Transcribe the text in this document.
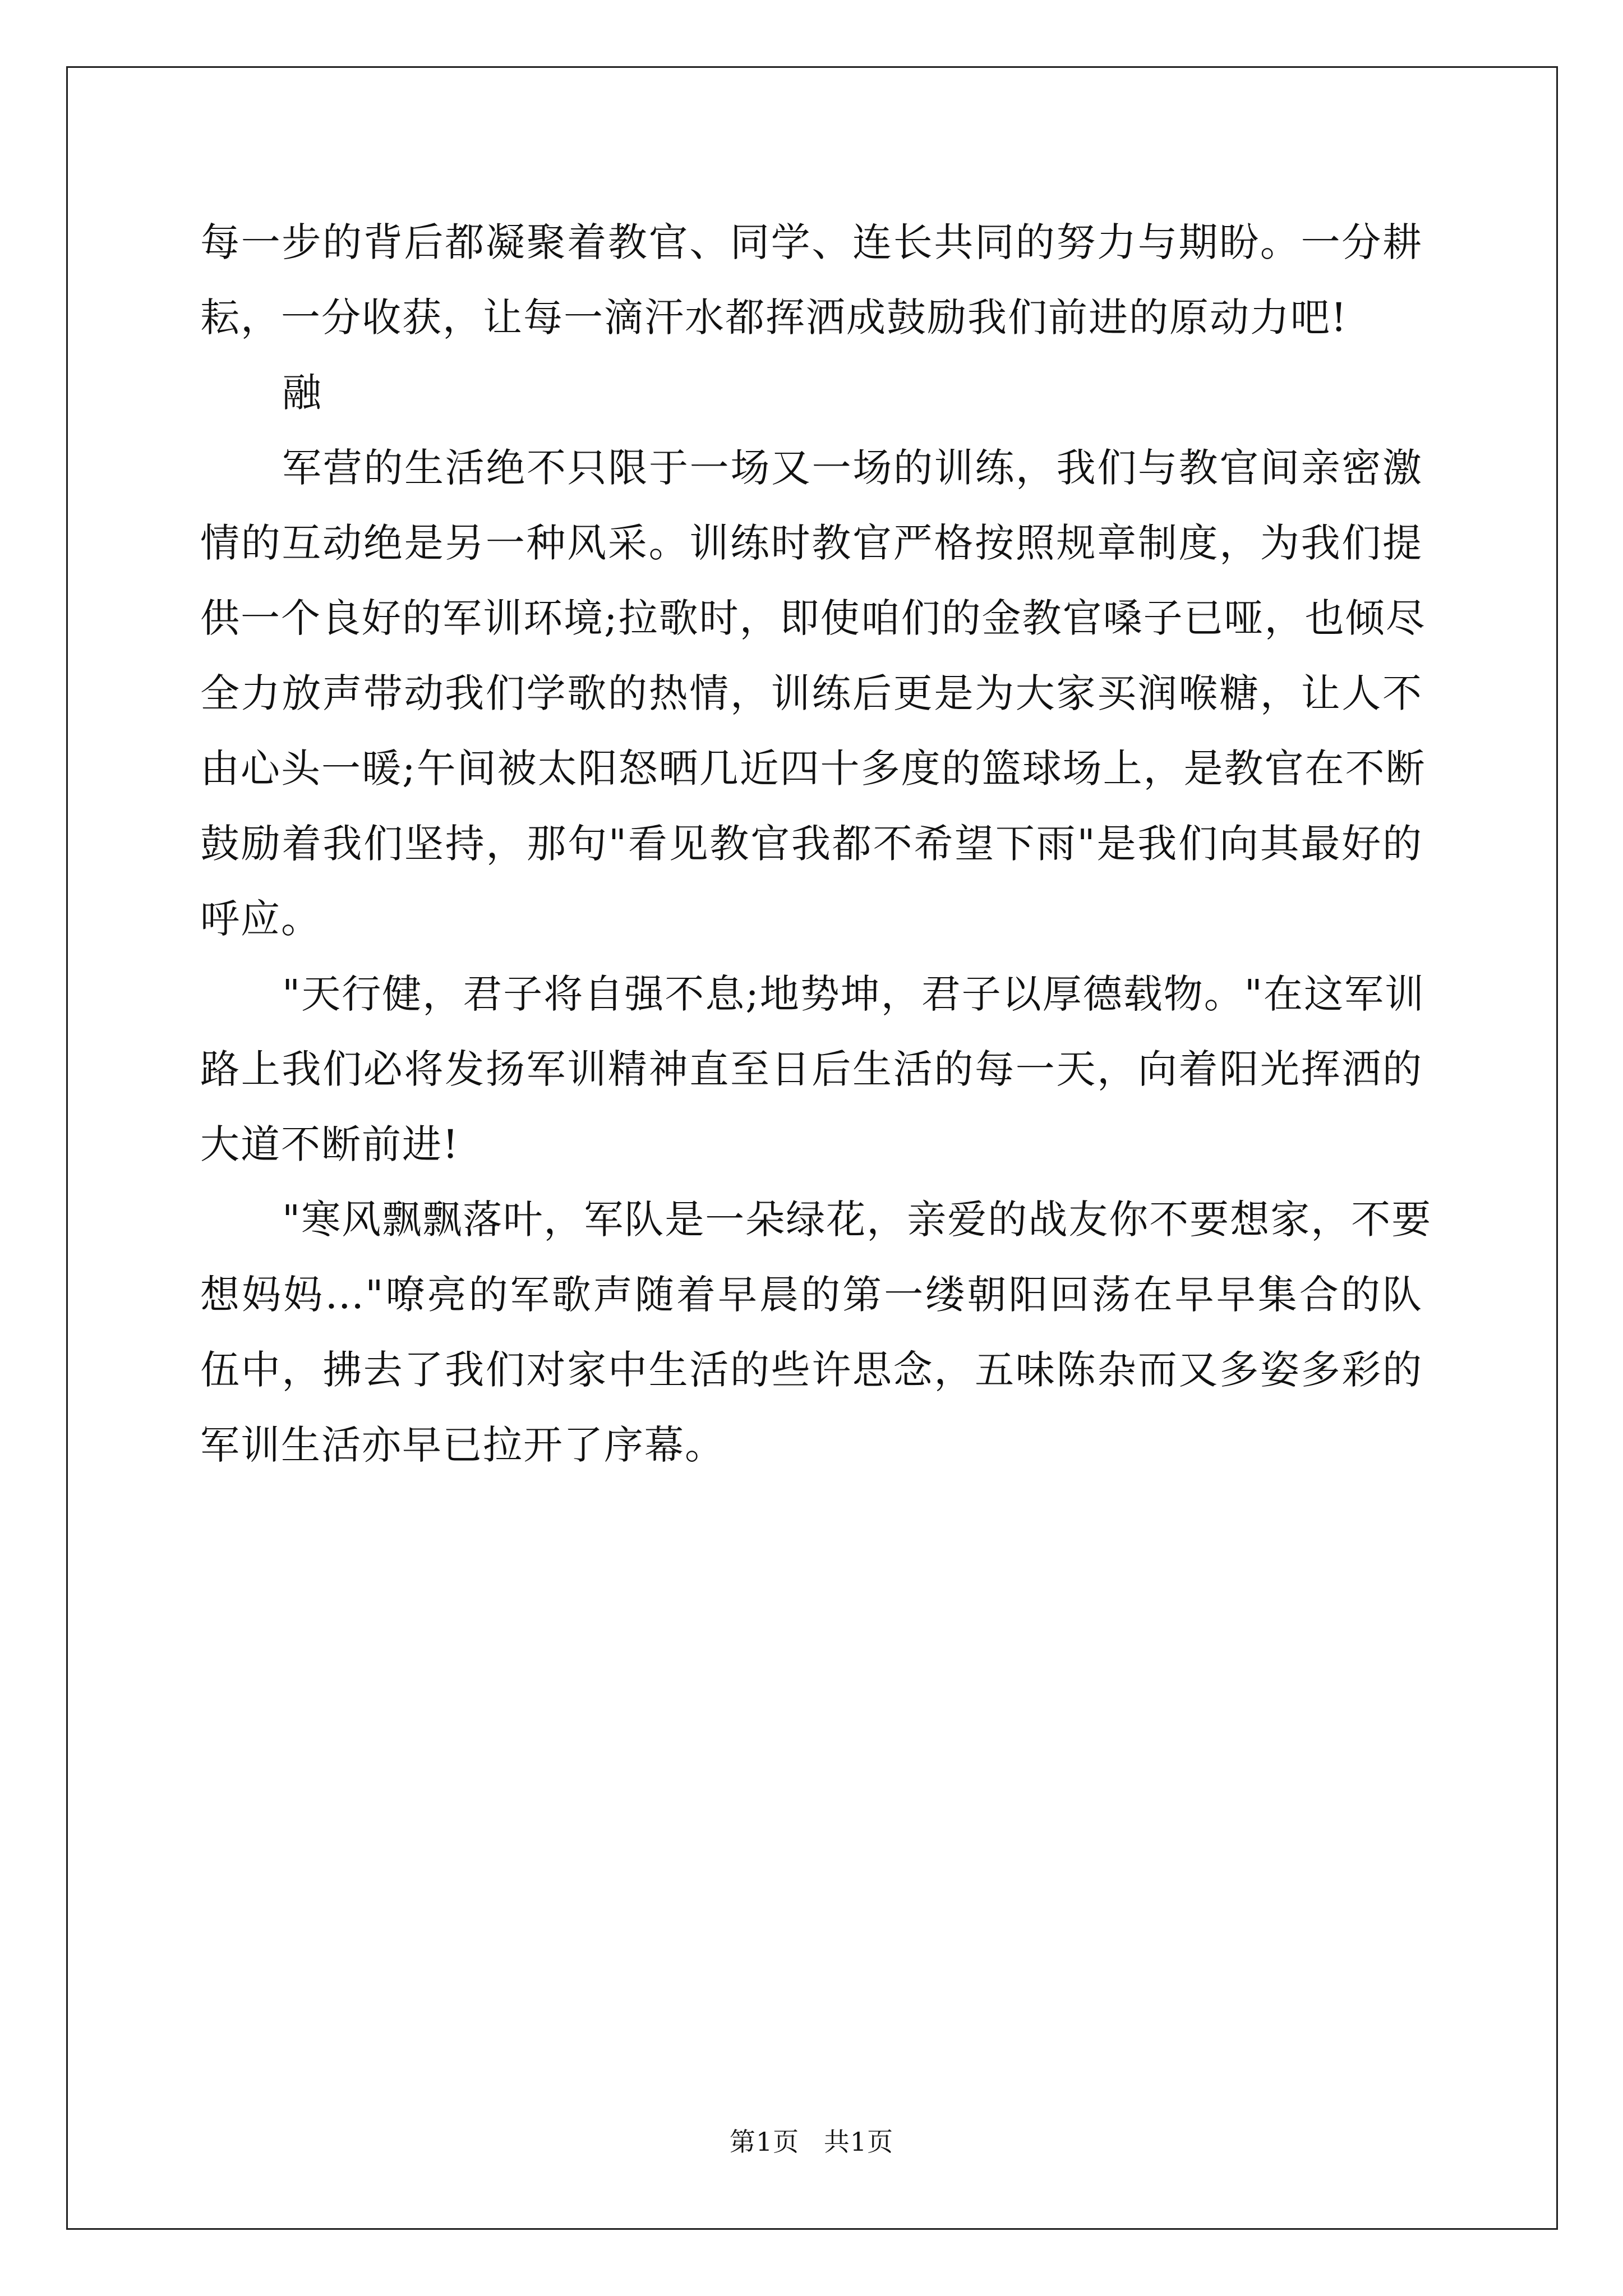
每一步的背后都凝聚着教官、同学、连长共同的努力与期盼。一分耕
耘，一分收获，让每一滴汗水都挥洒成鼓励我们前进的原动力吧!
融
军营的生活绝不只限于一场又一场的训练，我们与教官间亲密激
情的互动绝是另一种风采。训练时教官严格按照规章制度，为我们提
供一个良好的军训环境;拉歌时，即使咱们的金教官嗓子已哑，也倾尽
全力放声带动我们学歌的热情，训练后更是为大家买润喉糖，让人不
由心头一暖;午间被太阳怒晒几近四十多度的篮球场上，是教官在不断
鼓励着我们坚持，那句"看见教官我都不希望下雨"是我们向其最好的
呼应。
"天行健，君子将自强不息;地势坤，君子以厚德载物。"在这军训
路上我们必将发扬军训精神直至日后生活的每一天，向着阳光挥洒的
大道不断前进!
"寒风飘飘落叶，军队是一朵绿花，亲爱的战友你不要想家，不要
想妈妈…"嘹亮的军歌声随着早晨的第一缕朝阳回荡在早早集合的队
伍中，拂去了我们对家中生活的些许思念，五味陈杂而又多姿多彩的
军训生活亦早已拉开了序幕。
第1页 共1页
